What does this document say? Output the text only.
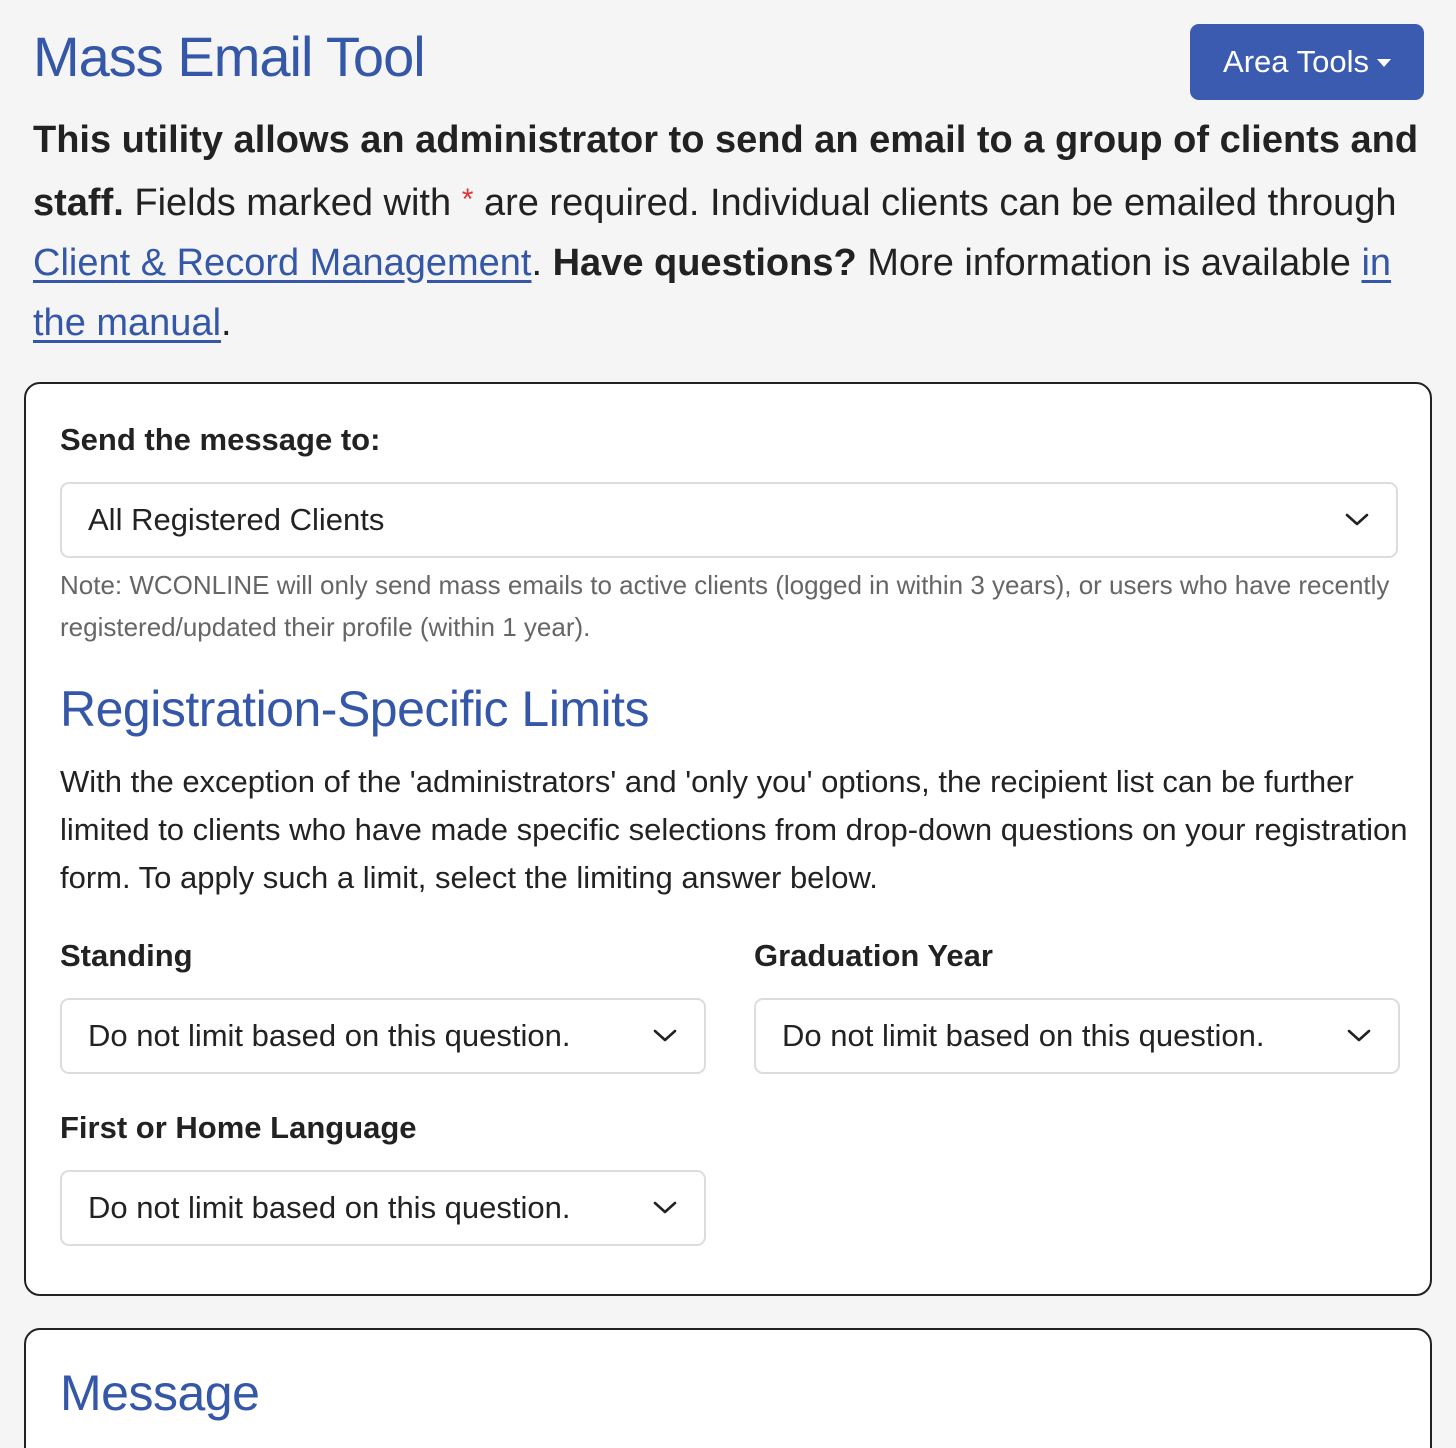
Mass Email Tool	Area Tools

This utility allows an administrator to send an email to a group of clients and staff. Fields marked with * are required. Individual clients can be emailed through Client & Record Management. Have questions? More information is available in the manual.

Send the message to:
All Registered Clients
Note: WCONLINE will only send mass emails to active clients (logged in within 3 years), or users who have recently registered/updated their profile (within 1 year).
Registration-Specific Limits

With the exception of the 'administrators' and 'only you' options, the recipient list can be further limited to clients who have made specific selections from drop-down questions on your registration form. To apply such a limit, select the limiting answer below.

Standing
Do not limit based on this question.
Graduation Year
Do not limit based on this question.
First or Home Language
Do not limit based on this question.
Message
